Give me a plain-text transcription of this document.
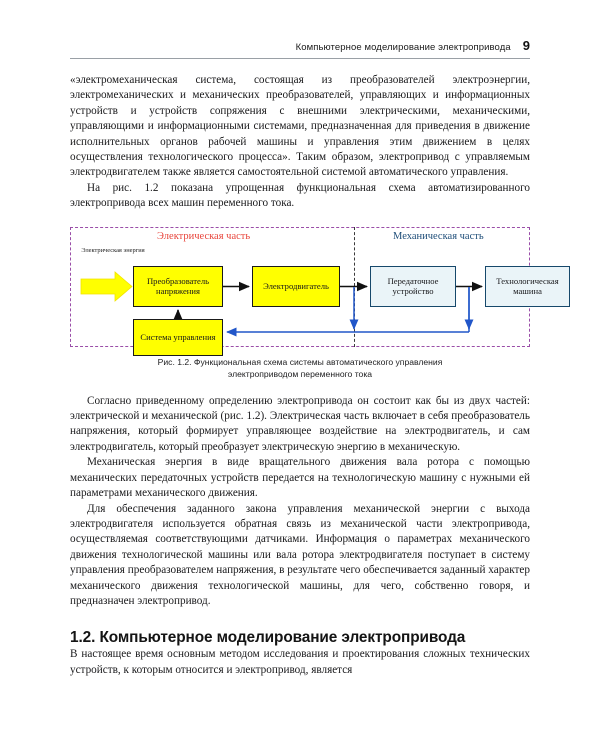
Компьютерное моделирование электропривода 9

«электромеханическая система, состоящая из преобразователей электроэнергии, электромеханических и механических преобразователей, управляющих и информационных устройств и устройств сопряжения с внешними электрическими, механическими, управляющими и информационными системами, предназначенная для приведения в движение исполнительных органов рабочей машины и управления этим движением в целях осуществления технологического процесса». Таким образом, электропривод с управляемым электродвигателем также является самостоятельной системой автоматического управления.

На рис. 1.2 показана упрощенная функциональная схема автоматизированного электропривода всех машин переменного тока.

Электрическая часть	Механическая часть
Электрическая энергия
Преобразователь напряжения
Электродвигатель
Передаточное устройство
Технологическая машина
Система управления
Рис. 1.2. Функциональная схема системы автоматического управления
электроприводом переменного тока

Согласно приведенному определению электропривода он состоит как бы из двух частей: электрической и механической (рис. 1.2). Электрическая часть включает в себя преобразователь напряжения, который формирует управляющее воздействие на электродвигатель, и сам электродвигатель, который преобразует электрическую энергию в механическую.

Механическая энергия в виде вращательного движения вала ротора с помощью механических передаточных устройств передается на технологическую машину с нужными ей параметрами механического движения.

Для обеспечения заданного закона управления механической энергии с выхода электродвигателя используется обратная связь из механической части электропривода, осуществляемая соответствующими датчиками. Информация о параметрах механического движения технологической машины или вала ротора электродвигателя поступает в систему управления преобразователем напряжения, в результате чего обеспечивается заданный характер механического движения технологической машины, для чего, собственно говоря, и предназначен электропривод.

1.2. Компьютерное моделирование электропривода

В настоящее время основным методом исследования и проектирования сложных технических устройств, к которым относится и электропривод, является
